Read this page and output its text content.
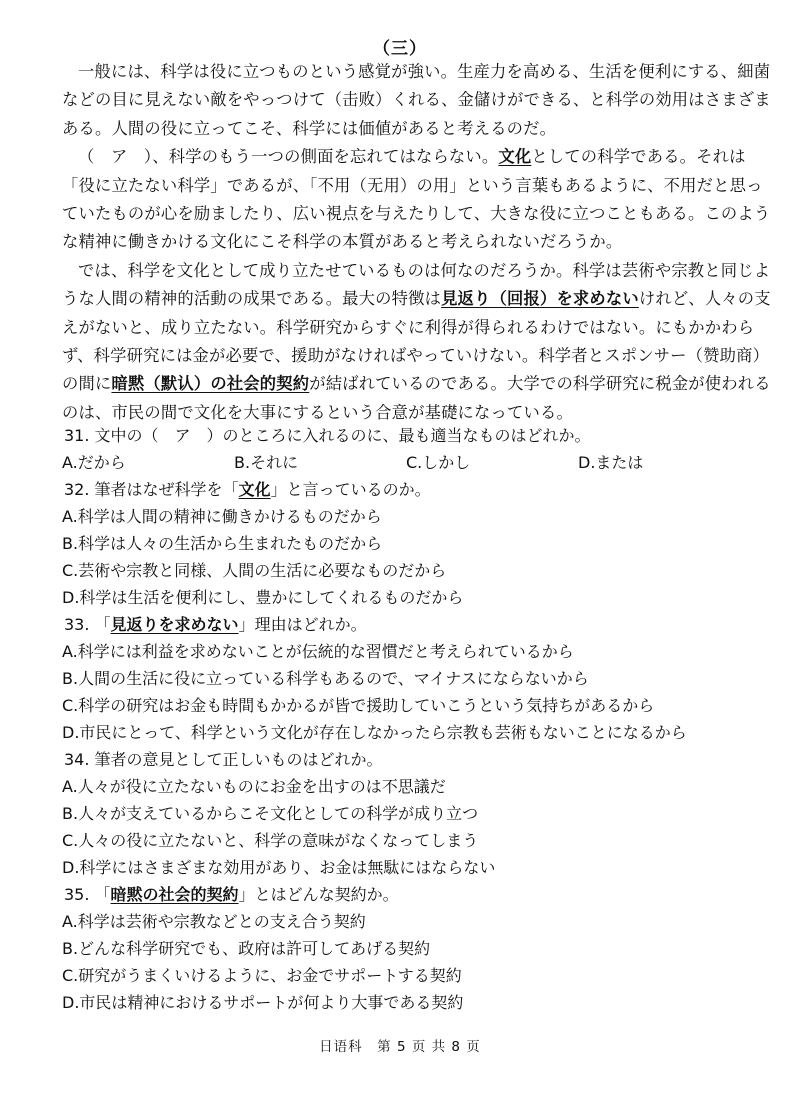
（三）

一般には、科学は役に立つものという感覚が強い。生産力を高める、生活を便利にする、細菌などの目に見えない敵をやっつけて（击败）くれる、金儲けができる、と科学の効用はさまざまある。人間の役に立ってこそ、科学には価値があると考えるのだ。

（　ア　）、科学のもう一つの側面を忘れてはならない。文化としての科学である。それは「役に立たない科学」であるが、「不用（无用）の用」という言葉もあるように、不用だと思っていたものが心を励ましたり、広い視点を与えたりして、大きな役に立つこともある。このような精神に働きかける文化にこそ科学の本質があると考えられないだろうか。

では、科学を文化として成り立たせているものは何なのだろうか。科学は芸術や宗教と同じような人間の精神的活動の成果である。最大の特徴は見返り（回报）を求めないけれど、人々の支えがないと、成り立たない。科学研究からすぐに利得が得られるわけではない。にもかかわらず、科学研究には金が必要で、援助がなければやっていけない。科学者とスポンサー（赞助商）の間に暗黙（默认）の社会的契約が結ばれているのである。大学での科学研究に税金が使われるのは、市民の間で文化を大事にするという合意が基礎になっている。

31. 文中の（　ア　）のところに入れるのに、最も適当なものはどれか。
A.だから	B.それに	C.しかし	D.または
32. 筆者はなぜ科学を「文化」と言っているのか。
A.科学は人間の精神に働きかけるものだから
B.科学は人々の生活から生まれたものだから
C.芸術や宗教と同様、人間の生活に必要なものだから
D.科学は生活を便利にし、豊かにしてくれるものだから
33. 「見返りを求めない」理由はどれか。
A.科学には利益を求めないことが伝統的な習慣だと考えられているから
B.人間の生活に役に立っている科学もあるので、マイナスにならないから
C.科学の研究はお金も時間もかかるが皆で援助していこうという気持ちがあるから
D.市民にとって、科学という文化が存在しなかったら宗教も芸術もないことになるから
34. 筆者の意見として正しいものはどれか。
A.人々が役に立たないものにお金を出すのは不思議だ
B.人々が支えているからこそ文化としての科学が成り立つ
C.人々の役に立たないと、科学の意味がなくなってしまう
D.科学にはさまざまな効用があり、お金は無駄にはならない
35. 「暗黙の社会的契約」とはどんな契約か。
A.科学は芸術や宗教などとの支え合う契約
B.どんな科学研究でも、政府は許可してあげる契約
C.研究がうまくいけるように、お金でサポートする契約
D.市民は精神におけるサポートが何より大事である契約
日语科　第 5 页 共 8 页
